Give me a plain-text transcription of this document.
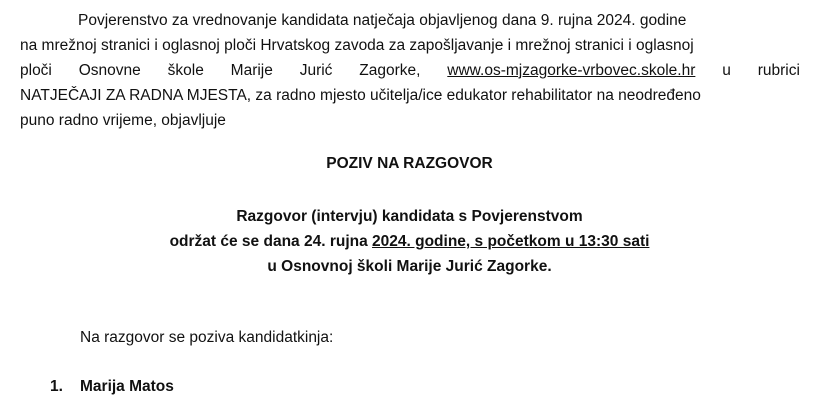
Povjerenstvo za vrednovanje kandidata natječaja objavljenog dana 9. rujna 2024. godine
na mrežnoj stranici i oglasnoj ploči Hrvatskog zavoda za zapošljavanje i mrežnoj stranici i oglasnoj
ploči Osnovne škole Marije Jurić Zagorke, www.os-mjzagorke-vrbovec.skole.hr u rubrici
NATJEČAJI ZA RADNA MJESTA, za radno mjesto učitelja/ice edukator rehabilitator na neodređeno
puno radno vrijeme, objavljuje
POZIV NA RAZGOVOR
Razgovor (intervju) kandidata s Povjerenstvom
održat će se dana 24. rujna 2024. godine, s početkom u 13:30 sati
u Osnovnoj školi Marije Jurić Zagorke.
Na razgovor se poziva kandidatkinja:
1.	Marija Matos
